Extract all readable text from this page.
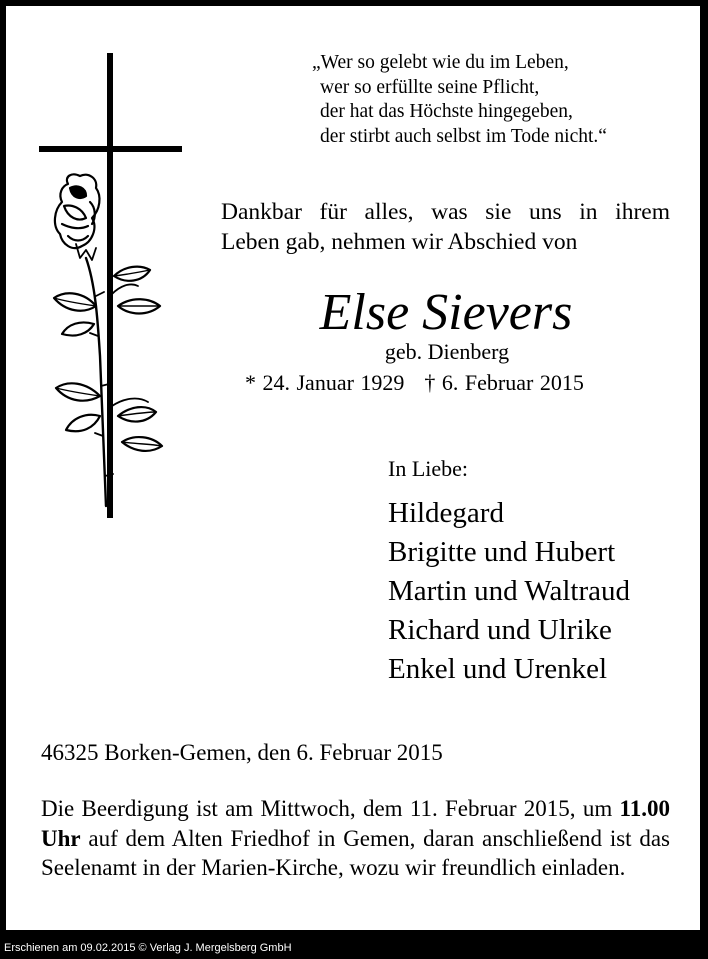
„Wer so gelebt wie du im Leben,
wer so erfüllte seine Pflicht,
der hat das Höchste hingegeben,
der stirbt auch selbst im Tode nicht.“
Dankbar für alles, was sie uns in ihrem
Leben gab, nehmen wir Abschied von
Else Sievers
geb. Dienberg
* 24. Januar 1929 † 6. Februar 2015
In Liebe:
Hildegard
Brigitte und Hubert
Martin und Waltraud
Richard und Ulrike
Enkel und Urenkel
46325 Borken-Gemen, den 6. Februar 2015
Die Beerdigung ist am Mittwoch, dem 11. Februar 2015, um 11.00 Uhr auf dem Alten Friedhof in Gemen, daran anschließend ist das Seelenamt in der Marien-Kirche, wozu wir freundlich einladen.
Erschienen am 09.02.2015 © Verlag J. Mergelsberg GmbH
